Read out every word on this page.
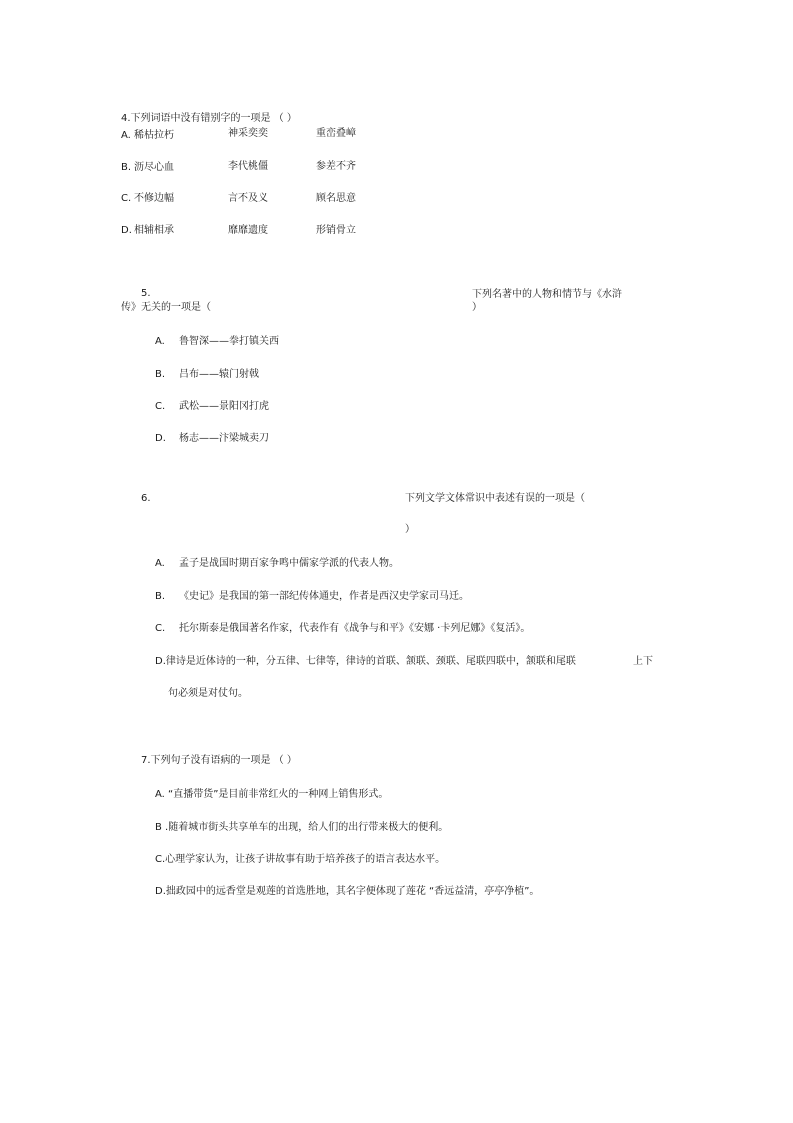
4.下列词语中没有错别字的一项是 （ ）
A. 稀枯拉朽	神采奕奕	重峦叠嶂
B. 沥尽心血	李代桃僵	参差不齐
C. 不修边幅	言不及义	顾名思意
D. 相辅相承	靡靡遗度	形销骨立
5.	下列名著中的人物和情节与《水浒
传》无关的一项是（	）
A. 鲁智深——拳打镇关西
B. 吕布——辕门射戟
C. 武松——景阳冈打虎
D. 杨志——汴梁城卖刀
6.	下列文学文体常识中表述有误的一项是（
）
A. 孟子是战国时期百家争鸣中儒家学派的代表人物。
B. 《史记》是我国的第一部纪传体通史，作者是西汉史学家司马迁。
C. 托尔斯泰是俄国著名作家，代表作有《战争与和平》《安娜 ·卡列尼娜》《复活》。
D.律诗是近体诗的一种，分五律、七律等，律诗的首联、颔联、颈联、尾联四联中，颔联和尾联	上下
句必须是对仗句。
7.下列句子没有语病的一项是 （ ）
A. “直播带货”是目前非常红火的一种网上销售形式。
B .随着城市街头共享单车的出现，给人们的出行带来极大的便利。
C.心理学家认为，让孩子讲故事有助于培养孩子的语言表达水平。
D.拙政园中的远香堂是观莲的首选胜地，其名字便体现了莲花 “香远益清，亭亭净植”。
